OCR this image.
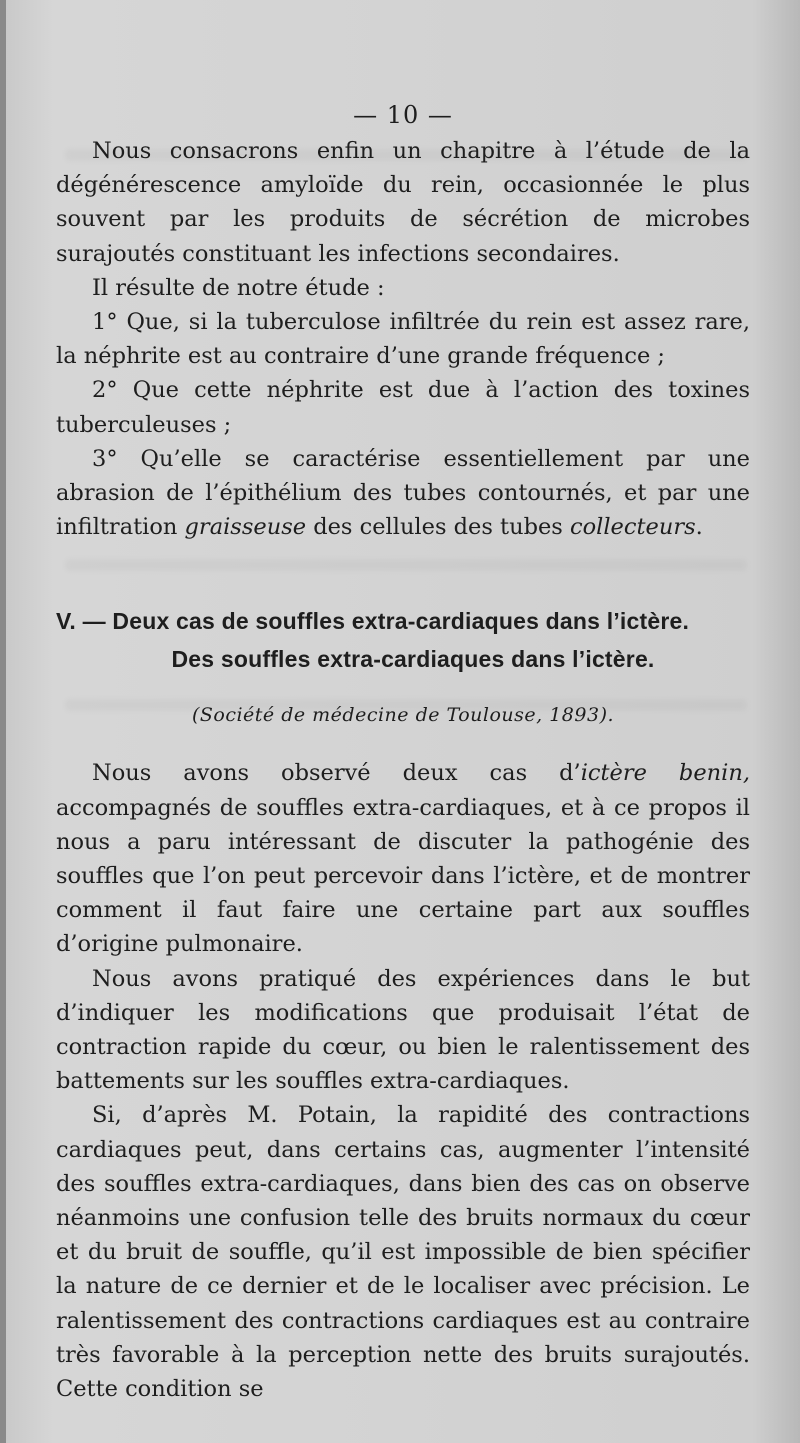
— 10 —

Nous consacrons enfin un chapitre à l’étude de la dégénérescence amyloïde du rein, occasionnée le plus souvent par les produits de sécrétion de microbes surajoutés constituant les infections secondaires.

Il résulte de notre étude :

1° Que, si la tuberculose infiltrée du rein est assez rare, la néphrite est au contraire d’une grande fréquence ;

2° Que cette néphrite est due à l’action des toxines tuberculeuses ;

3° Qu’elle se caractérise essentiellement par une abrasion de l’épithélium des tubes contournés, et par une infiltration graisseuse des cellules des tubes collecteurs.

V. — Deux cas de souffles extra-cardiaques dans l’ictère.
Des souffles extra-cardiaques dans l’ictère.
(Société de médecine de Toulouse, 1893).

Nous avons observé deux cas d’ictère benin, accompagnés de souffles extra-cardiaques, et à ce propos il nous a paru intéressant de discuter la pathogénie des souffles que l’on peut percevoir dans l’ictère, et de montrer comment il faut faire une certaine part aux souffles d’origine pulmonaire.

Nous avons pratiqué des expériences dans le but d’indiquer les modifications que produisait l’état de contraction rapide du cœur, ou bien le ralentissement des battements sur les souffles extra-cardiaques.

Si, d’après M. Potain, la rapidité des contractions cardiaques peut, dans certains cas, augmenter l’intensité des souffles extra-cardiaques, dans bien des cas on observe néanmoins une confusion telle des bruits normaux du cœur et du bruit de souffle, qu’il est impossible de bien spécifier la nature de ce dernier et de le localiser avec précision. Le ralentissement des contractions cardiaques est au contraire très favorable à la perception nette des bruits surajoutés. Cette condition se
